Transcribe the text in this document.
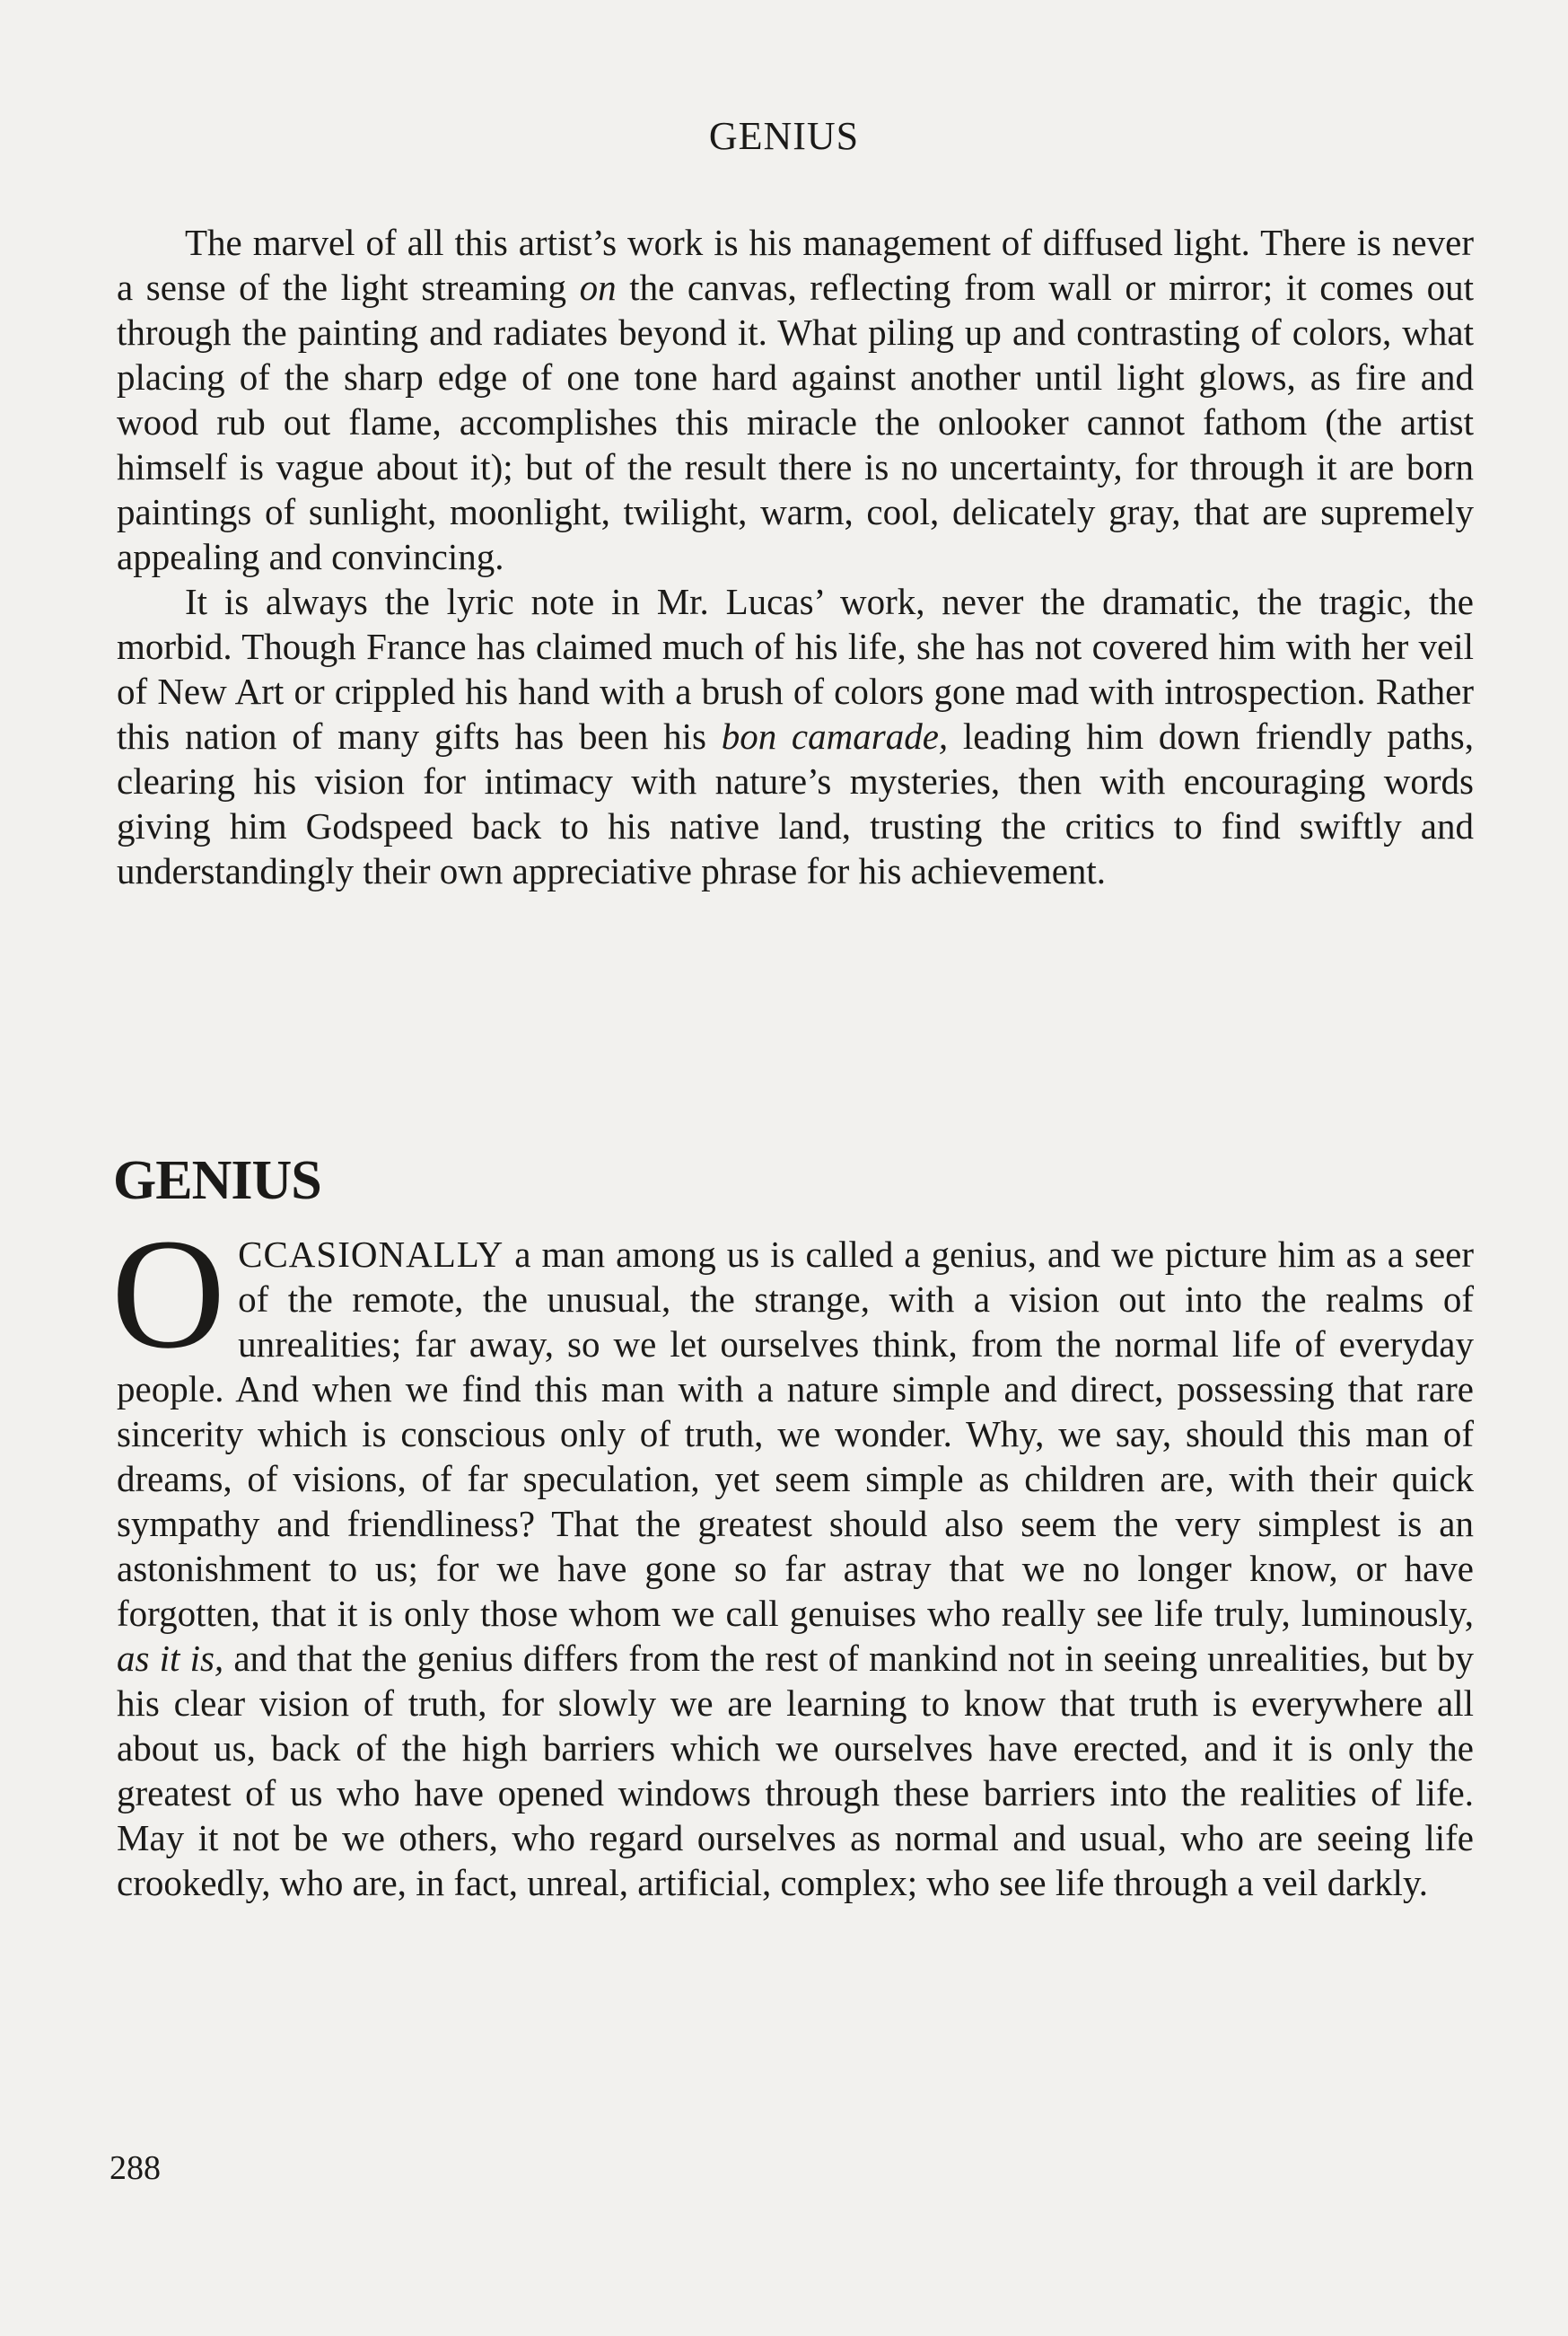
GENIUS

The marvel of all this artist’s work is his management of diffused light. There is never a sense of the light streaming on the canvas, reflecting from wall or mirror; it comes out through the painting and radiates beyond it. What piling up and contrasting of colors, what placing of the sharp edge of one tone hard against another until light glows, as fire and wood rub out flame, accomplishes this miracle the onlooker cannot fathom (the artist himself is vague about it); but of the result there is no uncertainty, for through it are born paintings of sunlight, moonlight, twilight, warm, cool, delicately gray, that are supremely appealing and convincing.

It is always the lyric note in Mr. Lucas’ work, never the dramatic, the tragic, the morbid. Though France has claimed much of his life, she has not covered him with her veil of New Art or crippled his hand with a brush of colors gone mad with introspection. Rather this nation of many gifts has been his bon camarade, leading him down friendly paths, clearing his vision for intimacy with nature’s mysteries, then with encouraging words giving him Godspeed back to his native land, trusting the critics to find swiftly and understandingly their own appreciative phrase for his achievement.

GENIUS

OCCASIONALLY a man among us is called a genius, and we picture him as a seer of the remote, the unusual, the strange, with a vision out into the realms of unrealities; far away, so we let ourselves think, from the normal life of everyday people. And when we find this man with a nature simple and direct, possessing that rare sincerity which is conscious only of truth, we wonder. Why, we say, should this man of dreams, of visions, of far speculation, yet seem simple as children are, with their quick sympathy and friendliness? That the greatest should also seem the very simplest is an astonishment to us; for we have gone so far astray that we no longer know, or have forgotten, that it is only those whom we call genuises who really see life truly, luminously, as it is, and that the genius differs from the rest of mankind not in seeing unrealities, but by his clear vision of truth, for slowly we are learning to know that truth is everywhere all about us, back of the high barriers which we ourselves have erected, and it is only the greatest of us who have opened windows through these barriers into the realities of life. May it not be we others, who regard ourselves as normal and usual, who are seeing life crookedly, who are, in fact, unreal, artificial, complex; who see life through a veil darkly.

288
